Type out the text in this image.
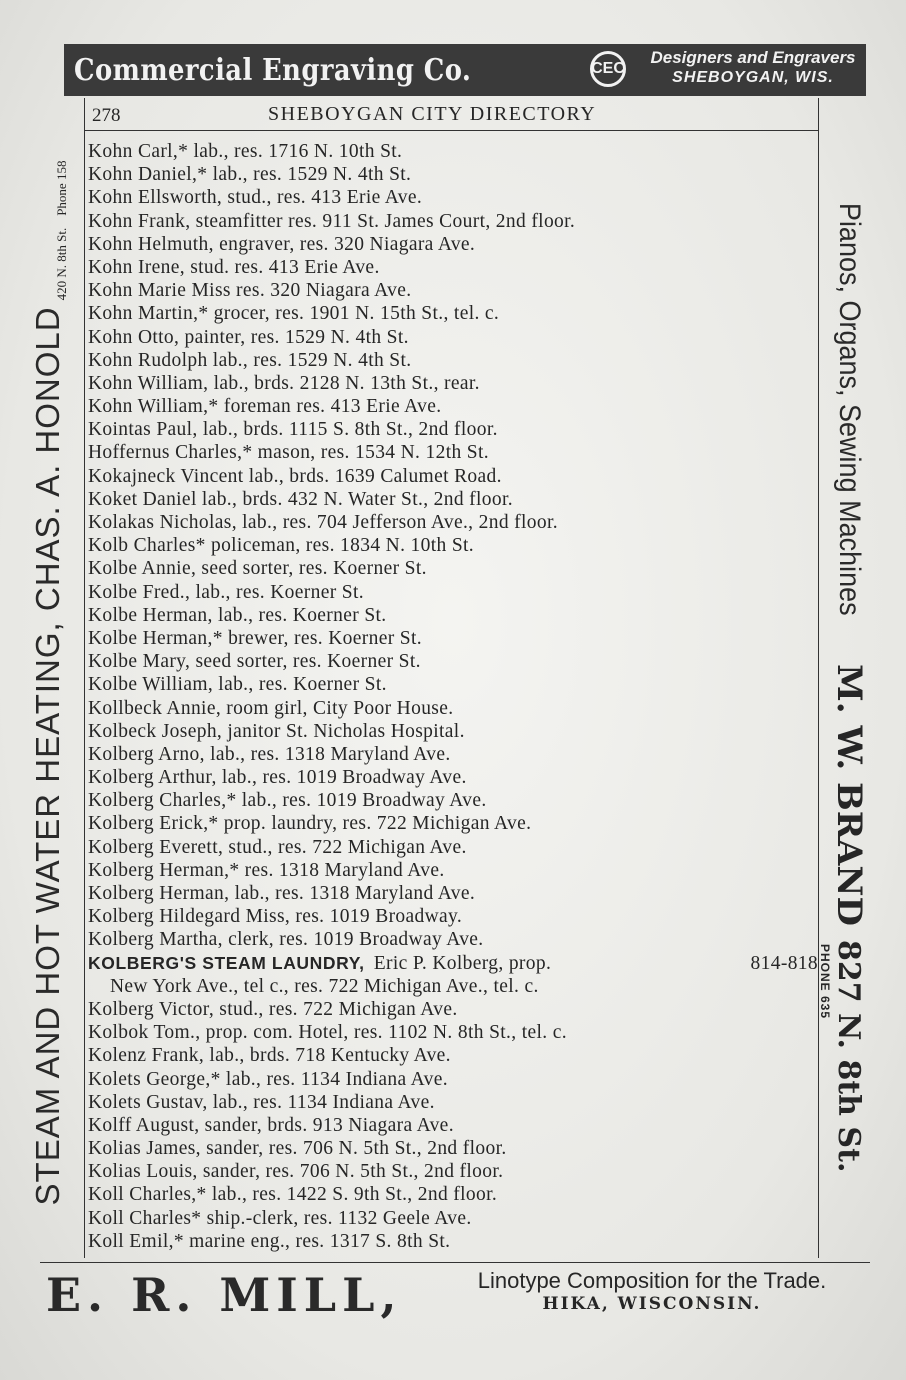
Commercial Engraving Co.	CEC
Designers and Engravers
SHEBOYGAN, WIS.
STEAM AND HOT WATER HEATING, CHAS. A. HONOLD
420 N. 8th St.
Phone 158
Pianos, Organs, Sewing Machines
M. W. BRAND
827 N. 8th St.
PHONE 635
278	SHEBOYGAN CITY DIRECTORY
Kohn Carl,* lab., res. 1716 N. 10th St.
Kohn Daniel,* lab., res. 1529 N. 4th St.
Kohn Ellsworth, stud., res. 413 Erie Ave.
Kohn Frank, steamfitter res. 911 St. James Court, 2nd floor.
Kohn Helmuth, engraver, res. 320 Niagara Ave.
Kohn Irene, stud. res. 413 Erie Ave.
Kohn Marie Miss res. 320 Niagara Ave.
Kohn Martin,* grocer, res. 1901 N. 15th St., tel. c.
Kohn Otto, painter, res. 1529 N. 4th St.
Kohn Rudolph lab., res. 1529 N. 4th St.
Kohn William, lab., brds. 2128 N. 13th St., rear.
Kohn William,* foreman res. 413 Erie Ave.
Kointas Paul, lab., brds. 1115 S. 8th St., 2nd floor.
Hoffernus Charles,* mason, res. 1534 N. 12th St.
Kokajneck Vincent lab., brds. 1639 Calumet Road.
Koket Daniel lab., brds. 432 N. Water St., 2nd floor.
Kolakas Nicholas, lab., res. 704 Jefferson Ave., 2nd floor.
Kolb Charles* policeman, res. 1834 N. 10th St.
Kolbe Annie, seed sorter, res. Koerner St.
Kolbe Fred., lab., res. Koerner St.
Kolbe Herman, lab., res. Koerner St.
Kolbe Herman,* brewer, res. Koerner St.
Kolbe Mary, seed sorter, res. Koerner St.
Kolbe William, lab., res. Koerner St.
Kollbeck Annie, room girl, City Poor House.
Kolbeck Joseph, janitor St. Nicholas Hospital.
Kolberg Arno, lab., res. 1318 Maryland Ave.
Kolberg Arthur, lab., res. 1019 Broadway Ave.
Kolberg Charles,* lab., res. 1019 Broadway Ave.
Kolberg Erick,* prop. laundry, res. 722 Michigan Ave.
Kolberg Everett, stud., res. 722 Michigan Ave.
Kolberg Herman,* res. 1318 Maryland Ave.
Kolberg Herman, lab., res. 1318 Maryland Ave.
Kolberg Hildegard Miss, res. 1019 Broadway.
Kolberg Martha, clerk, res. 1019 Broadway Ave.
KOLBERG'S STEAM LAUNDRY, Eric P. Kolberg, prop.	814-818
New York Ave., tel c., res. 722 Michigan Ave., tel. c.
Kolberg Victor, stud., res. 722 Michigan Ave.
Kolbok Tom., prop. com. Hotel, res. 1102 N. 8th St., tel. c.
Kolenz Frank, lab., brds. 718 Kentucky Ave.
Kolets George,* lab., res. 1134 Indiana Ave.
Kolets Gustav, lab., res. 1134 Indiana Ave.
Kolff August, sander, brds. 913 Niagara Ave.
Kolias James, sander, res. 706 N. 5th St., 2nd floor.
Kolias Louis, sander, res. 706 N. 5th St., 2nd floor.
Koll Charles,* lab., res. 1422 S. 9th St., 2nd floor.
Koll Charles* ship.-clerk, res. 1132 Geele Ave.
Koll Emil,* marine eng., res. 1317 S. 8th St.
E. R. MILL,	Linotype Composition for the Trade.
HIKA, WISCONSIN.
